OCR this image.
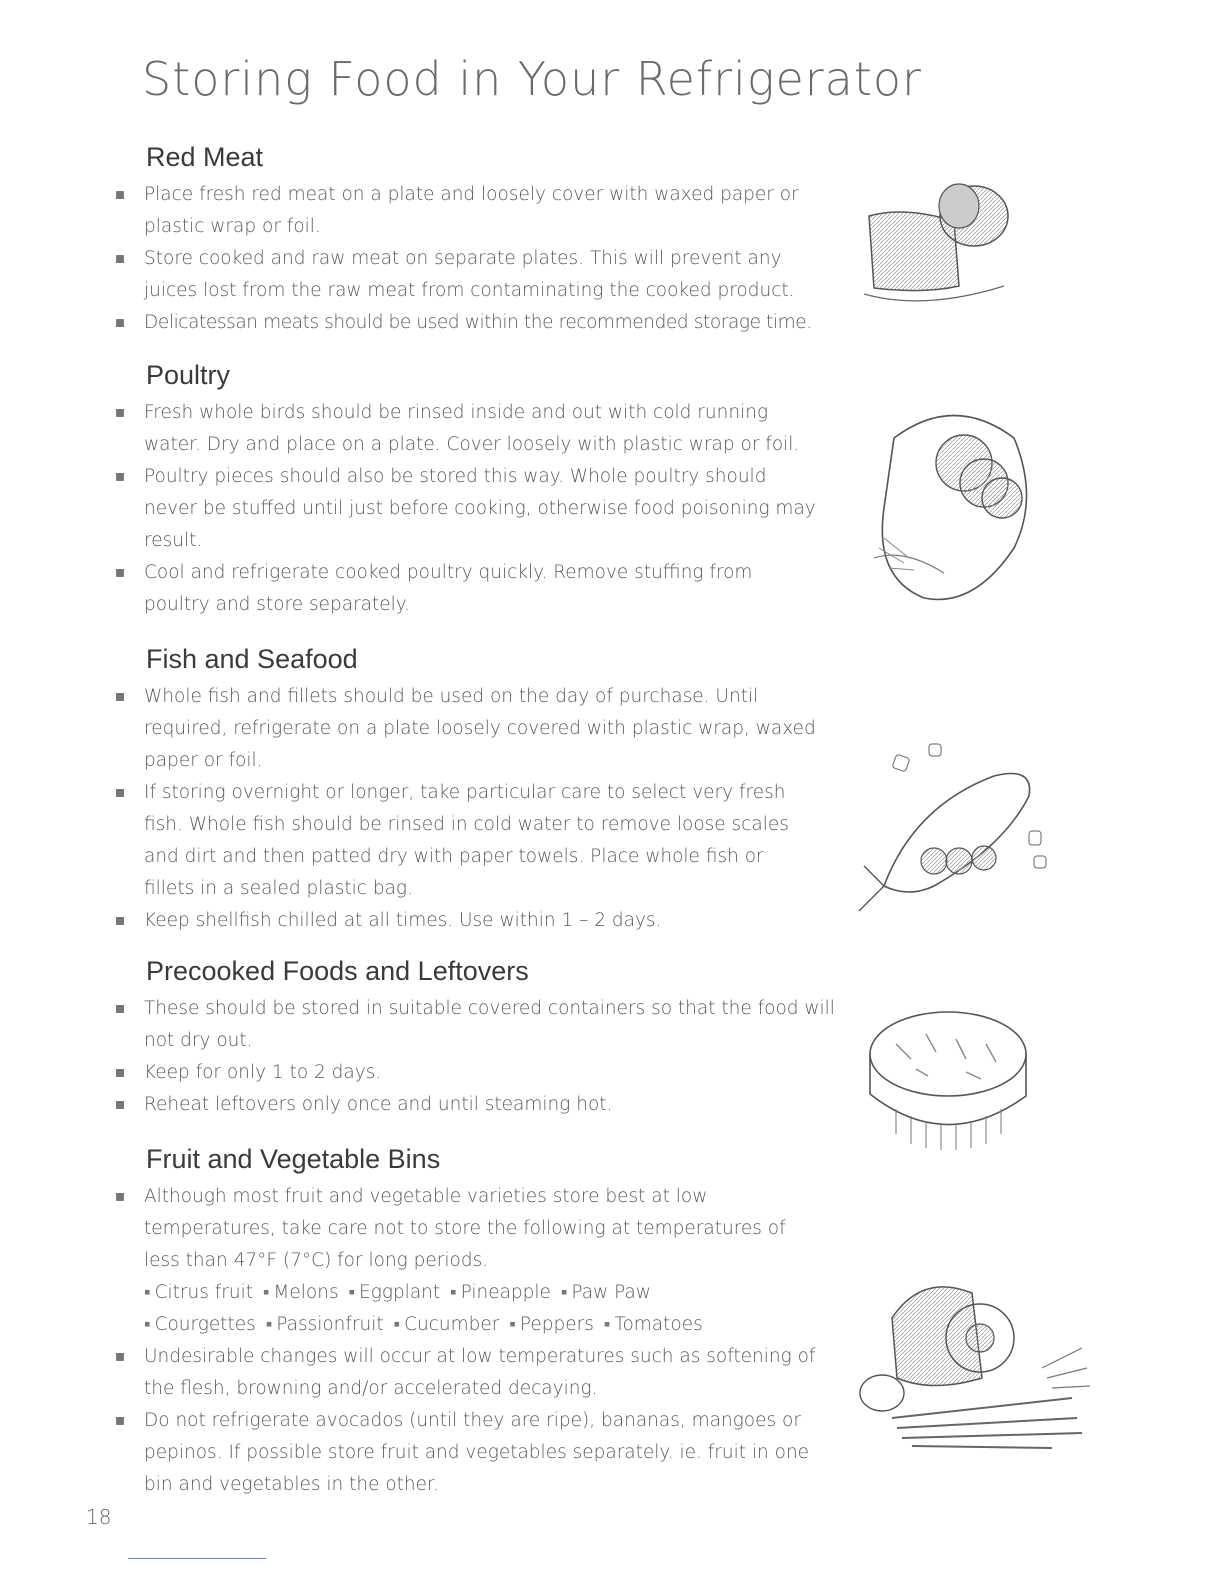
Storing Food in Your Refrigerator
Red Meat
Place fresh red meat on a plate and loosely cover with waxed paper or plastic wrap or foil.
Store cooked and raw meat on separate plates. This will prevent any juices lost from the raw meat from contaminating the cooked product.
Delicatessan meats should be used within the recommended storage time.
Poultry
Fresh whole birds should be rinsed inside and out with cold running water. Dry and place on a plate. Cover loosely with plastic wrap or foil.
Poultry pieces should also be stored this way. Whole poultry should never be stuffed until just before cooking, otherwise food poisoning may result.
Cool and refrigerate cooked poultry quickly. Remove stuffing from poultry and store separately.
Fish and Seafood
Whole fish and fillets should be used on the day of purchase. Until required, refrigerate on a plate loosely covered with plastic wrap, waxed paper or foil.
If storing overnight or longer, take particular care to select very fresh fish. Whole fish should be rinsed in cold water to remove loose scales and dirt and then patted dry with paper towels. Place whole fish or fillets in a sealed plastic bag.
Keep shellfish chilled at all times. Use within 1 – 2 days.
Precooked Foods and Leftovers
These should be stored in suitable covered containers so that the food will not dry out.
Keep for only 1 to 2 days.
Reheat leftovers only once and until steaming hot.
Fruit and Vegetable Bins
Although most fruit and vegetable varieties store best at low temperatures, take care not to store the following at temperatures of less than 47°F (7°C) for long periods.
▪ Citrus fruit ▪ Melons ▪ Eggplant ▪ Pineapple ▪ Paw Paw
▪ Courgettes ▪ Passionfruit ▪ Cucumber ▪ Peppers ▪ Tomatoes
Undesirable changes will occur at low temperatures such as softening of the flesh, browning and/or accelerated decaying.
Do not refrigerate avocados (until they are ripe), bananas, mangoes or pepinos. If possible store fruit and vegetables separately. ie. fruit in one bin and vegetables in the other.
18
